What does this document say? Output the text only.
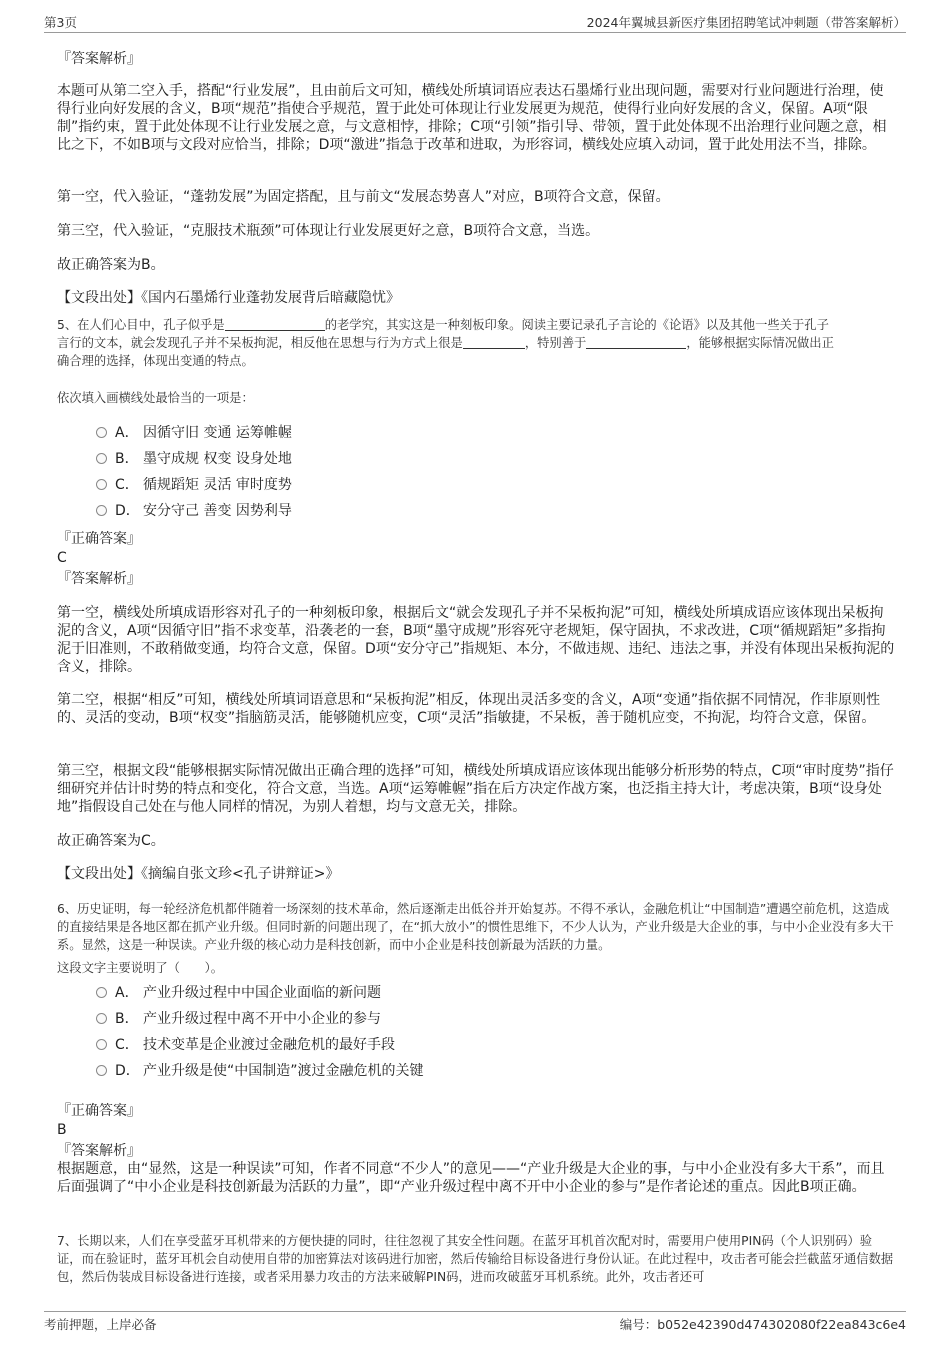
第3页	2024年翼城县新医疗集团招聘笔试冲刺题（带答案解析）
『答案解析』

本题可从第二空入手，搭配“行业发展”，且由前后文可知，横线处所填词语应表达石墨烯行业出现问题，需要对行业问题进行治理，使得行业向好发展的含义，B项“规范”指使合乎规范，置于此处可体现让行业发展更为规范，使得行业向好发展的含义，保留。A项“限制”指约束，置于此处体现不让行业发展之意，与文意相悖，排除；C项“引领”指引导、带领，置于此处体现不出治理行业问题之意，相比之下，不如B项与文段对应恰当，排除；D项“激进”指急于改革和进取，为形容词，横线处应填入动词，置于此处用法不当，排除。

第一空，代入验证，“蓬勃发展”为固定搭配，且与前文“发展态势喜人”对应，B项符合文意，保留。

第三空，代入验证，“克服技术瓶颈”可体现让行业发展更好之意，B项符合文意，当选。

故正确答案为B。

【文段出处】《国内石墨烯行业蓬勃发展背后暗藏隐忧》

5、在人们心目中，孔子似乎是	的老学究，其实这是一种刻板印象。阅读主要记录孔子言论的《论语》以及其他一些关于孔子
言行的文本，就会发现孔子并不呆板拘泥，相反他在思想与行为方式上很是	，特别善于	，能够根据实际情况做出正
确合理的选择，体现出变通的特点。

依次填入画横线处最恰当的一项是：

A． 因循守旧 变通 运筹帷幄
B． 墨守成规 权变 设身处地
C． 循规蹈矩 灵活 审时度势
D． 安分守己 善变 因势利导
『正确答案』
C
『答案解析』

第一空，横线处所填成语形容对孔子的一种刻板印象，根据后文“就会发现孔子并不呆板拘泥”可知，横线处所填成语应该体现出呆板拘泥的含义，A项“因循守旧”指不求变革，沿袭老的一套，B项“墨守成规”形容死守老规矩，保守固执，不求改进，C项“循规蹈矩”多指拘泥于旧准则，不敢稍做变通，均符合文意，保留。D项“安分守己”指规矩、本分，不做违规、违纪、违法之事，并没有体现出呆板拘泥的含义，排除。

第二空，根据“相反”可知，横线处所填词语意思和“呆板拘泥”相反，体现出灵活多变的含义，A项“变通”指依据不同情况，作非原则性的、灵活的变动，B项“权变”指脑筋灵活，能够随机应变，C项“灵活”指敏捷，不呆板，善于随机应变，不拘泥，均符合文意，保留。

第三空，根据文段“能够根据实际情况做出正确合理的选择”可知，横线处所填成语应该体现出能够分析形势的特点，C项“审时度势”指仔细研究并估计时势的特点和变化，符合文意，当选。A项“运筹帷幄”指在后方决定作战方案，也泛指主持大计，考虑决策，B项“设身处地”指假设自己处在与他人同样的情况，为别人着想，均与文意无关，排除。

故正确答案为C。

【文段出处】《摘编自张文珍<孔子讲辩证>》

6、历史证明，每一轮经济危机都伴随着一场深刻的技术革命，然后逐渐走出低谷并开始复苏。不得不承认，金融危机让“中国制造”遭遇空前危机，这造成的直接结果是各地区都在抓产业升级。但同时新的问题出现了，在“抓大放小”的惯性思维下，不少人认为，产业升级是大企业的事，与中小企业没有多大干系。显然，这是一种误读。产业升级的核心动力是科技创新，而中小企业是科技创新最为活跃的力量。

这段文字主要说明了（　　）。

A． 产业升级过程中中国企业面临的新问题
B． 产业升级过程中离不开中小企业的参与
C． 技术变革是企业渡过金融危机的最好手段
D． 产业升级是使“中国制造”渡过金融危机的关键
『正确答案』
B
『答案解析』

根据题意，由“显然，这是一种误读”可知，作者不同意“不少人”的意见——“产业升级是大企业的事，与中小企业没有多大干系”，而且后面强调了“中小企业是科技创新最为活跃的力量”，即“产业升级过程中离不开中小企业的参与”是作者论述的重点。因此B项正确。

7、长期以来，人们在享受蓝牙耳机带来的方便快捷的同时，往往忽视了其安全性问题。在蓝牙耳机首次配对时，需要用户使用PIN码（个人识别码）验证，而在验证时，蓝牙耳机会自动使用自带的加密算法对该码进行加密，然后传输给目标设备进行身份认证。在此过程中，攻击者可能会拦截蓝牙通信数据包，然后伪装成目标设备进行连接，或者采用暴力攻击的方法来破解PIN码，进而攻破蓝牙耳机系统。此外，攻击者还可

考前押题，上岸必备	编号：b052e42390d474302080f22ea843c6e4
